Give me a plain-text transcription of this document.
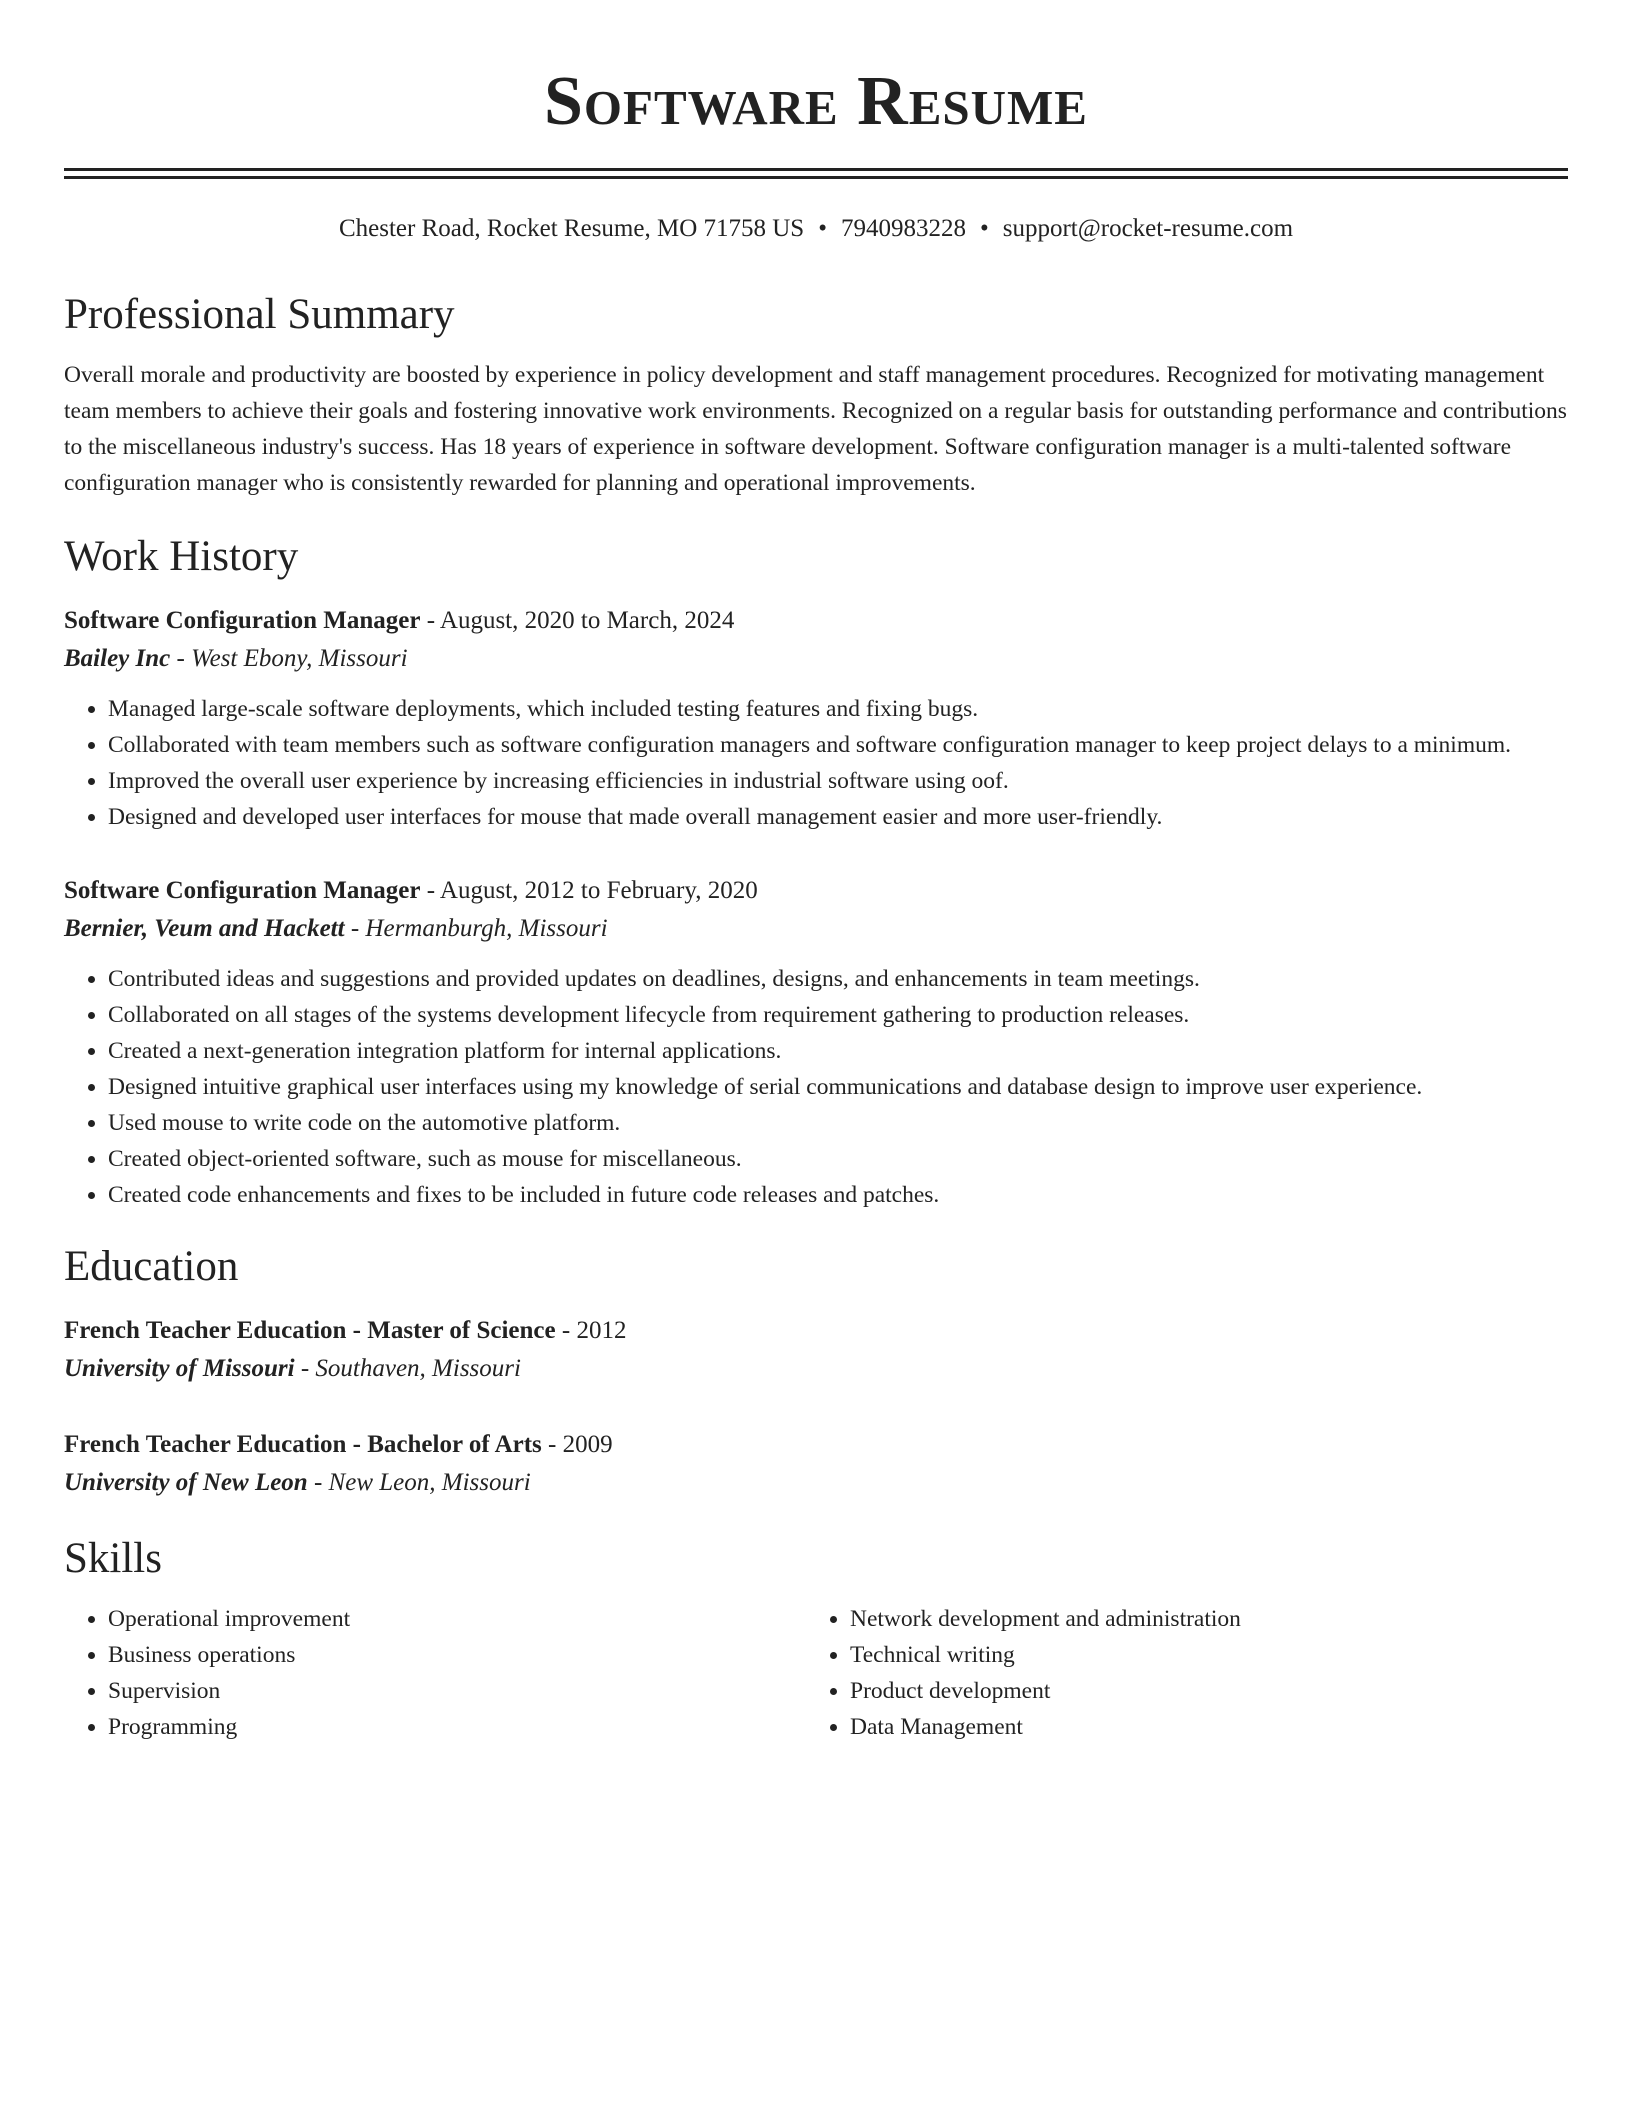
Software Resume
Chester Road, Rocket Resume, MO 71758 US • 7940983228 • support@rocket-resume.com
Professional Summary
Overall morale and productivity are boosted by experience in policy development and staff management procedures. Recognized for motivating management team members to achieve their goals and fostering innovative work environments. Recognized on a regular basis for outstanding performance and contributions to the miscellaneous industry's success. Has 18 years of experience in software development. Software configuration manager is a multi-talented software configuration manager who is consistently rewarded for planning and operational improvements.
Work History
Software Configuration Manager - August, 2020 to March, 2024
Bailey Inc - West Ebony, Missouri
• Managed large-scale software deployments, which included testing features and fixing bugs.
• Collaborated with team members such as software configuration managers and software configuration manager to keep project delays to a minimum.
• Improved the overall user experience by increasing efficiencies in industrial software using oof.
• Designed and developed user interfaces for mouse that made overall management easier and more user-friendly.
Software Configuration Manager - August, 2012 to February, 2020
Bernier, Veum and Hackett - Hermanburgh, Missouri
• Contributed ideas and suggestions and provided updates on deadlines, designs, and enhancements in team meetings.
• Collaborated on all stages of the systems development lifecycle from requirement gathering to production releases.
• Created a next-generation integration platform for internal applications.
• Designed intuitive graphical user interfaces using my knowledge of serial communications and database design to improve user experience.
• Used mouse to write code on the automotive platform.
• Created object-oriented software, such as mouse for miscellaneous.
• Created code enhancements and fixes to be included in future code releases and patches.
Education
French Teacher Education - Master of Science - 2012
University of Missouri - Southaven, Missouri
French Teacher Education - Bachelor of Arts - 2009
University of New Leon - New Leon, Missouri
Skills
• Operational improvement
• Business operations
• Supervision
• Programming
• Network development and administration
• Technical writing
• Product development
• Data Management
